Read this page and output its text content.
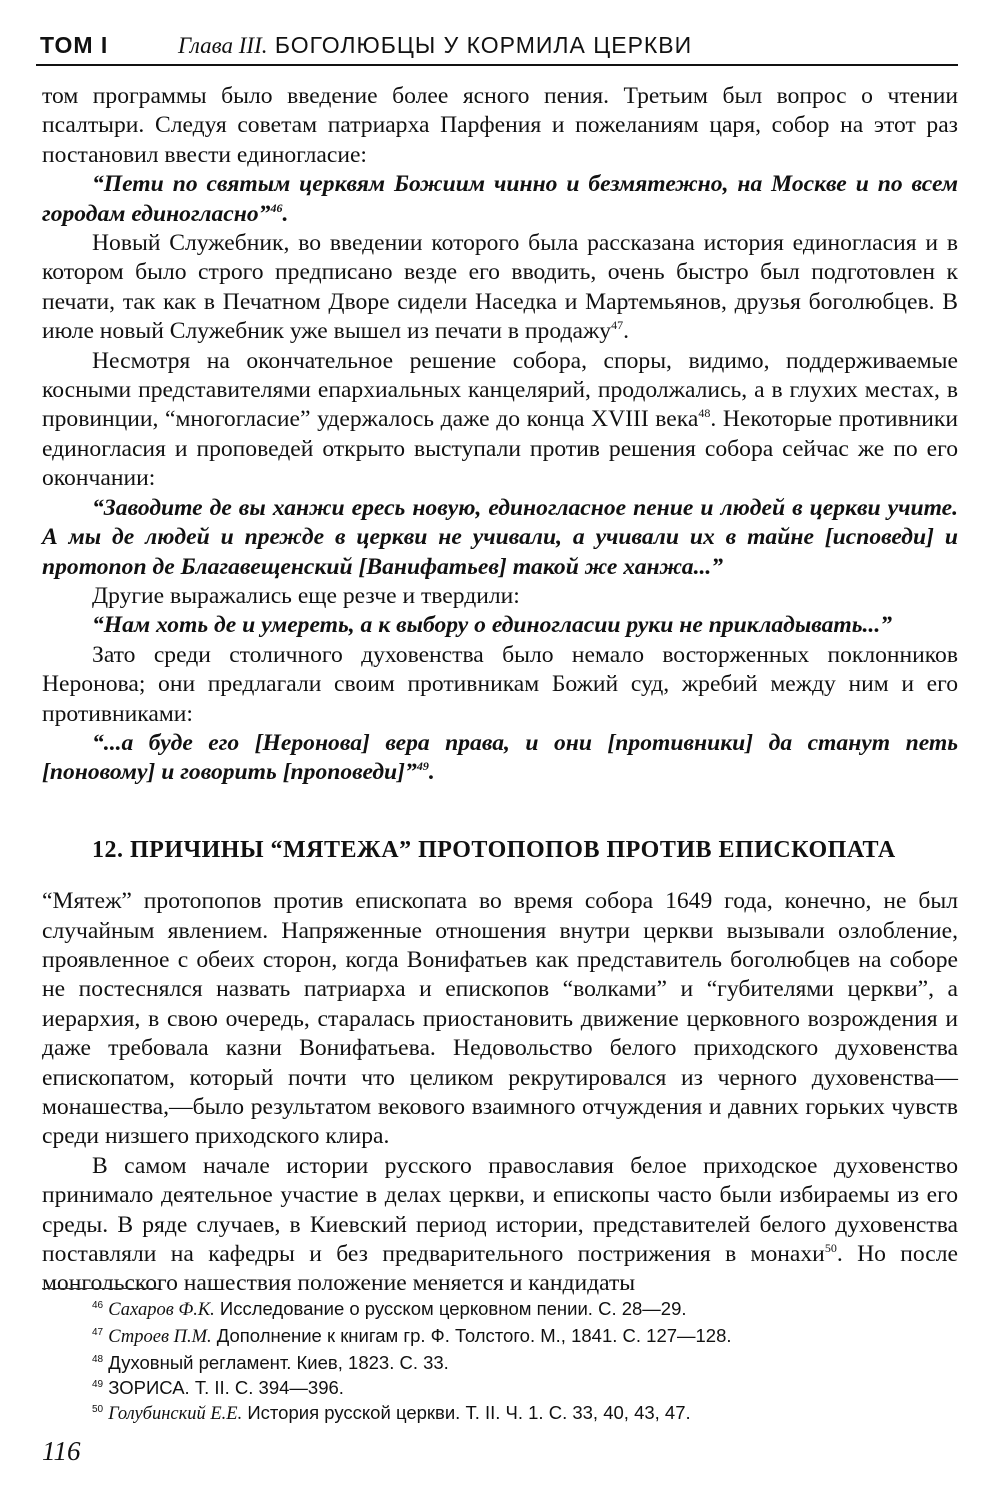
ТОМ I	Глава III. БОГОЛЮБЦЫ У КОРМИЛА ЦЕРКВИ

том программы было введение более ясного пения. Третьим был вопрос о чтении псалтыри. Следуя советам патриарха Парфения и пожеланиям царя, собор на этот раз постановил ввести единогласие:

“Пети по святым церквям Божиим чинно и безмятежно, на Москве и по всем городам единогласно”$^{46}$.

Новый Служебник, во введении которого была рассказана история единогласия и в котором было строго предписано везде его вводить, очень быстро был подготовлен к печати, так как в Печатном Дворе сидели Наседка и Мартемьянов, друзья боголюбцев. В июле новый Служебник уже вышел из печати в продажу$^{47}$.

Несмотря на окончательное решение собора, споры, видимо, поддерживаемые косными представителями епархиальных канцелярий, продолжались, а в глухих местах, в провинции, “многогласие” удержалось даже до конца XVIII века$^{48}$. Некоторые противники единогласия и проповедей открыто выступали против решения собора сейчас же по его окончании:

“Заводите де вы ханжи ересь новую, единогласное пение и людей в церкви учите. А мы де людей и прежде в церкви не учивали, а учивали их в тайне [исповеди] и протопоп де Благавещенский [Ванифатьев] такой же ханжа...”

Другие выражались еще резче и твердили:

“Нам хоть де и умереть, а к выбору о единогласии руки не прикладывать...”

Зато среди столичного духовенства было немало восторженных поклонников Неронова; они предлагали своим противникам Божий суд, жребий между ним и его противниками:

“...а буде его [Неронова] вера права, и они [противники] да станут петь [поновому] и говорить [проповеди]”$^{49}$.

12. ПРИЧИНЫ “МЯТЕЖА” ПРОТОПОПОВ ПРОТИВ ЕПИСКОПАТА

“Мятеж” протопопов против епископата во время собора 1649 года, конечно, не был случайным явлением. Напряженные отношения внутри церкви вызывали озлобление, проявленное с обеих сторон, когда Вонифатьев как представитель боголюбцев на соборе не постеснялся назвать патриарха и епископов “волками” и “губителями церкви”, а иерархия, в свою очередь, старалась приостановить движение церковного возрождения и даже требовала казни Вонифатьева. Недовольство белого приходского духовенства епископатом, который почти что целиком рекрутировался из черного духовенства—монашества,—было результатом векового взаимного отчуждения и давних горьких чувств среди низшего приходского клира.

В самом начале истории русского православия белое приходское духовенство принимало деятельное участие в делах церкви, и епископы часто были избираемы из его среды. В ряде случаев, в Киевский период истории, представителей белого духовенства поставляли на кафедры и без предварительного пострижения в монахи$^{50}$. Но после монгольского нашествия положение меняется и кандидаты

$^{46}$ Сахаров Ф.К. Исследование о русском церковном пении. С. 28—29.

$^{47}$ Строев П.М. Дополнение к книгам гр. Ф. Толстого. М., 1841. С. 127—128.

$^{48}$ Духовный регламент. Киев, 1823. С. 33.

$^{49}$ ЗОРИСА. Т. II. С. 394—396.

$^{50}$ Голубинский Е.Е. История русской церкви. Т. II. Ч. 1. С. 33, 40, 43, 47.

116
